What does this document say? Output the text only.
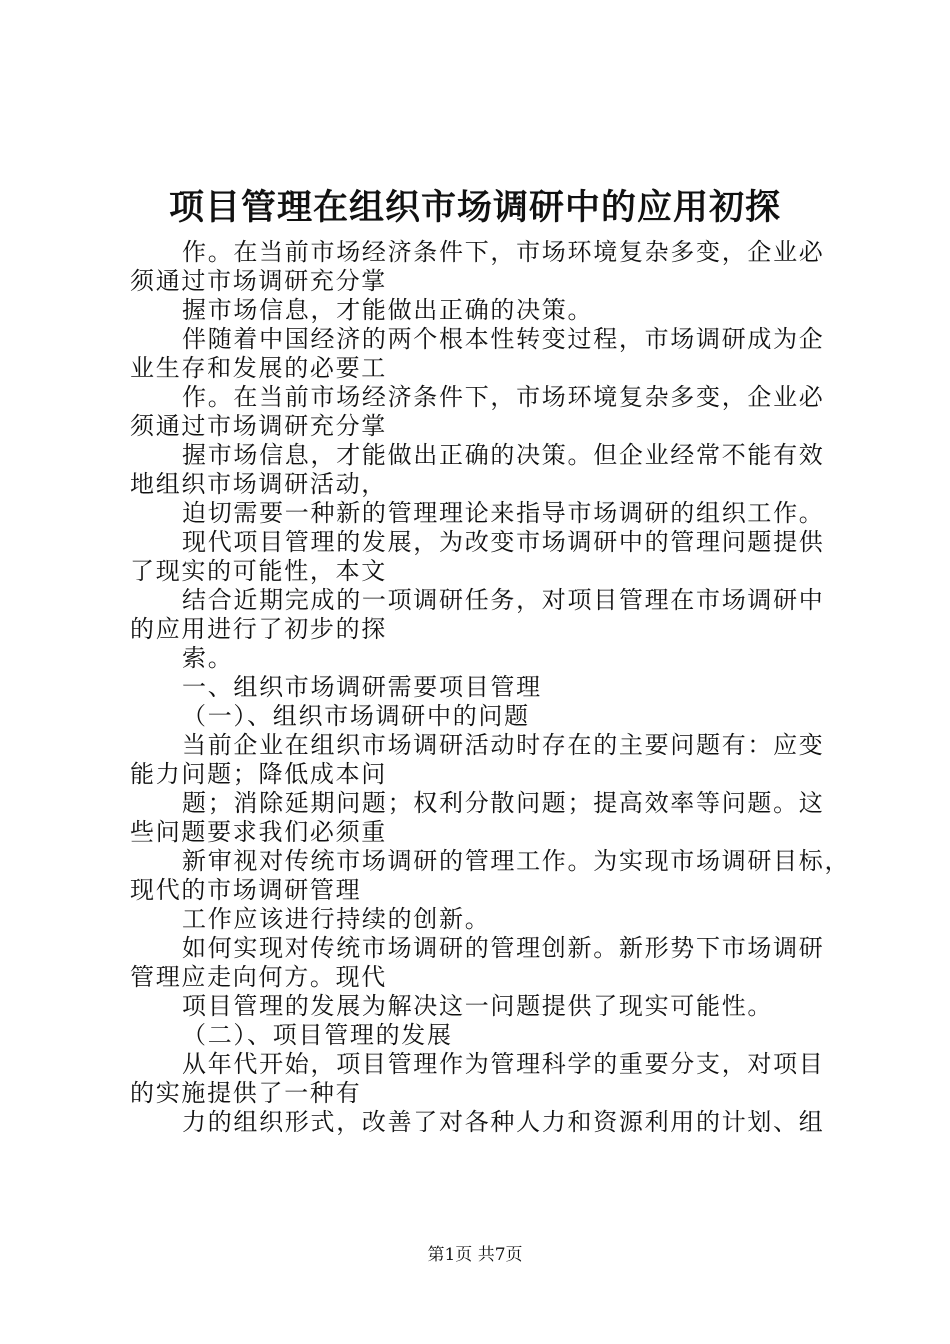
项目管理在组织市场调研中的应用初探

作。在当前市场经济条件下，市场环境复杂多变，企业必
须通过市场调研充分掌

握市场信息，才能做出正确的决策。

伴随着中国经济的两个根本性转变过程，市场调研成为企
业生存和发展的必要工

作。在当前市场经济条件下，市场环境复杂多变，企业必
须通过市场调研充分掌

握市场信息，才能做出正确的决策。但企业经常不能有效
地组织市场调研活动，

迫切需要一种新的管理理论来指导市场调研的组织工作。

现代项目管理的发展，为改变市场调研中的管理问题提供
了现实的可能性，本文

结合近期完成的一项调研任务，对项目管理在市场调研中
的应用进行了初步的探

索。

一、组织市场调研需要项目管理

（一）、组织市场调研中的问题

当前企业在组织市场调研活动时存在的主要问题有：应变
能力问题；降低成本问

题；消除延期问题；权利分散问题；提高效率等问题。这
些问题要求我们必须重

新审视对传统市场调研的管理工作。为实现市场调研目标，
现代的市场调研管理

工作应该进行持续的创新。

如何实现对传统市场调研的管理创新。新形势下市场调研
管理应走向何方。现代

项目管理的发展为解决这一问题提供了现实可能性。

（二）、项目管理的发展

从年代开始，项目管理作为管理科学的重要分支，对项目
的实施提供了一种有

力的组织形式，改善了对各种人力和资源利用的计划、组

第1页 共7页
